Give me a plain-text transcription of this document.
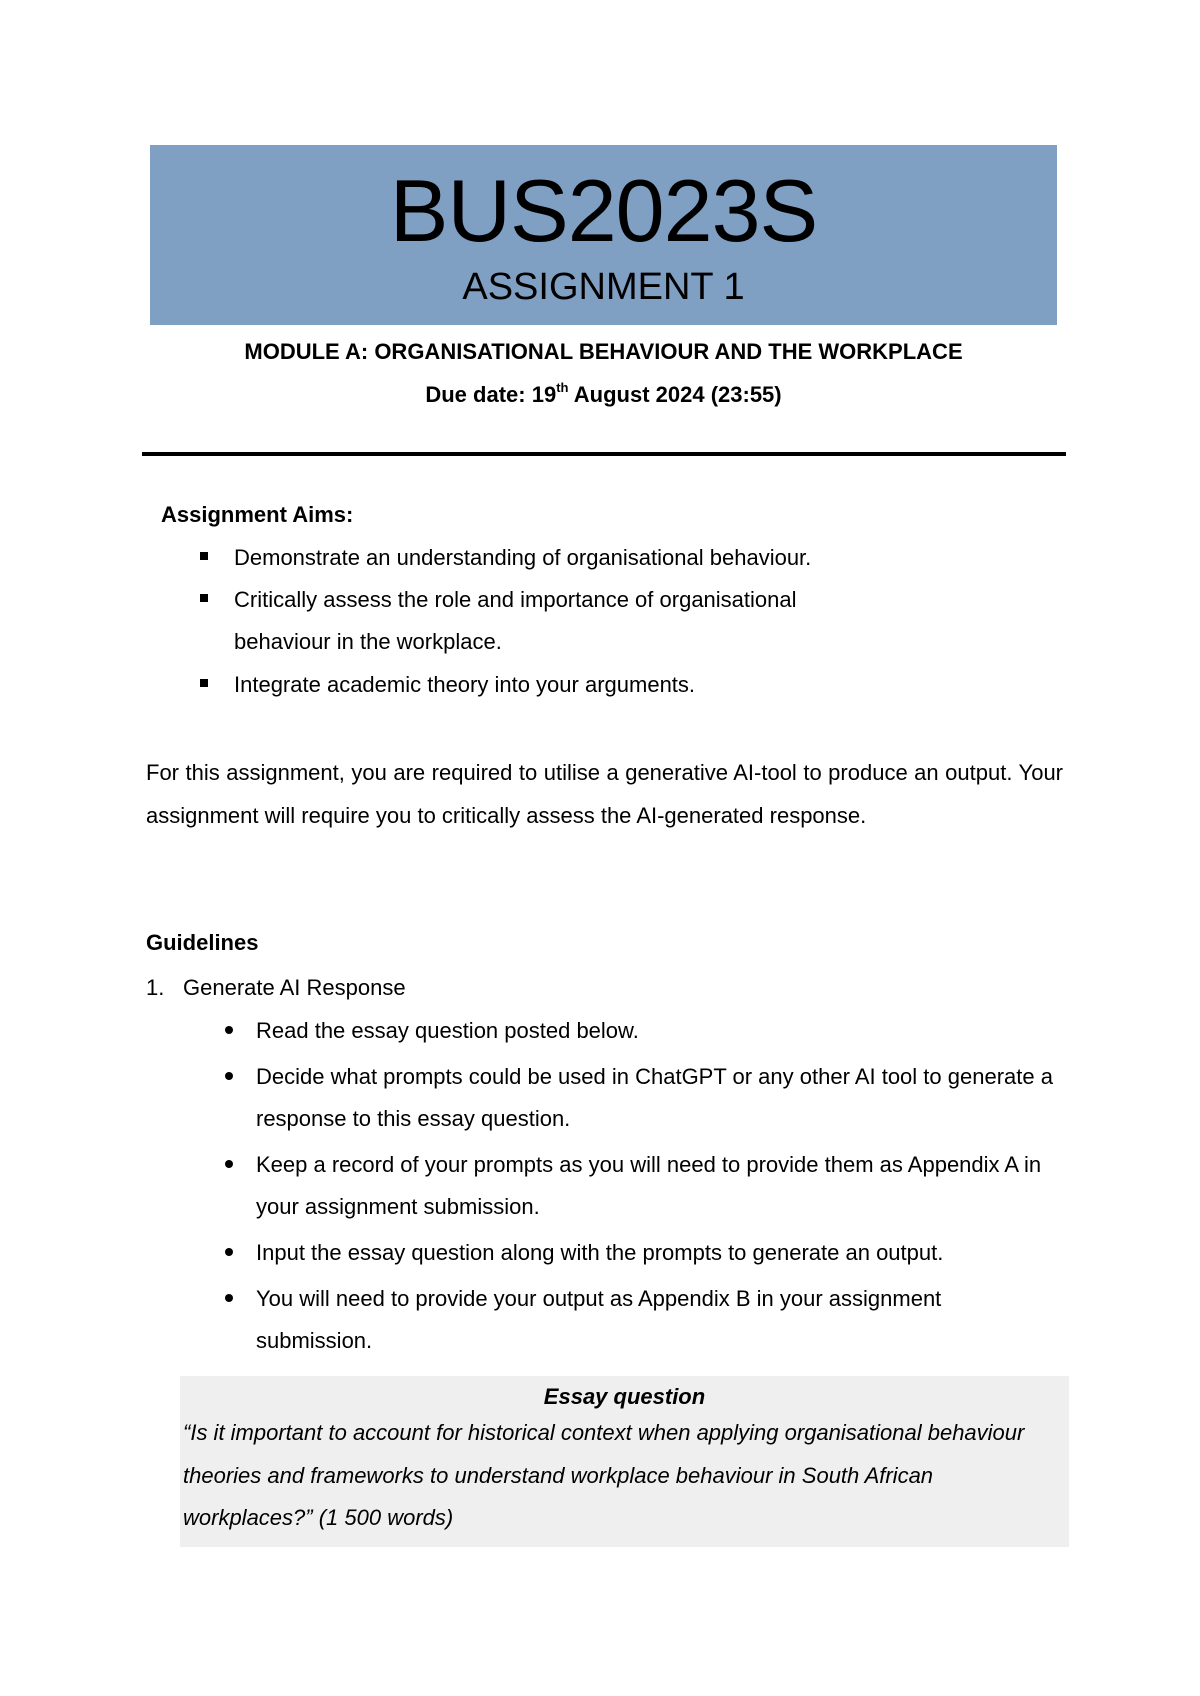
BUS2023S
ASSIGNMENT 1
MODULE A: ORGANISATIONAL BEHAVIOUR AND THE WORKPLACE
Due date: 19th August 2024 (23:55)
Assignment Aims:
Demonstrate an understanding of organisational behaviour.
Critically assess the role and importance of organisational behaviour in the workplace.
Integrate academic theory into your arguments.

For this assignment, you are required to utilise a generative AI-tool to produce an output. Your assignment will require you to critically assess the AI-generated response.

Guidelines
1. Generate AI Response
Read the essay question posted below.
Decide what prompts could be used in ChatGPT or any other AI tool to generate a response to this essay question.
Keep a record of your prompts as you will need to provide them as Appendix A in your assignment submission.
Input the essay question along with the prompts to generate an output.
You will need to provide your output as Appendix B in your assignment submission.
Essay question

“Is it important to account for historical context when applying organisational behaviour theories and frameworks to understand workplace behaviour in South African workplaces?” (1 500 words)
